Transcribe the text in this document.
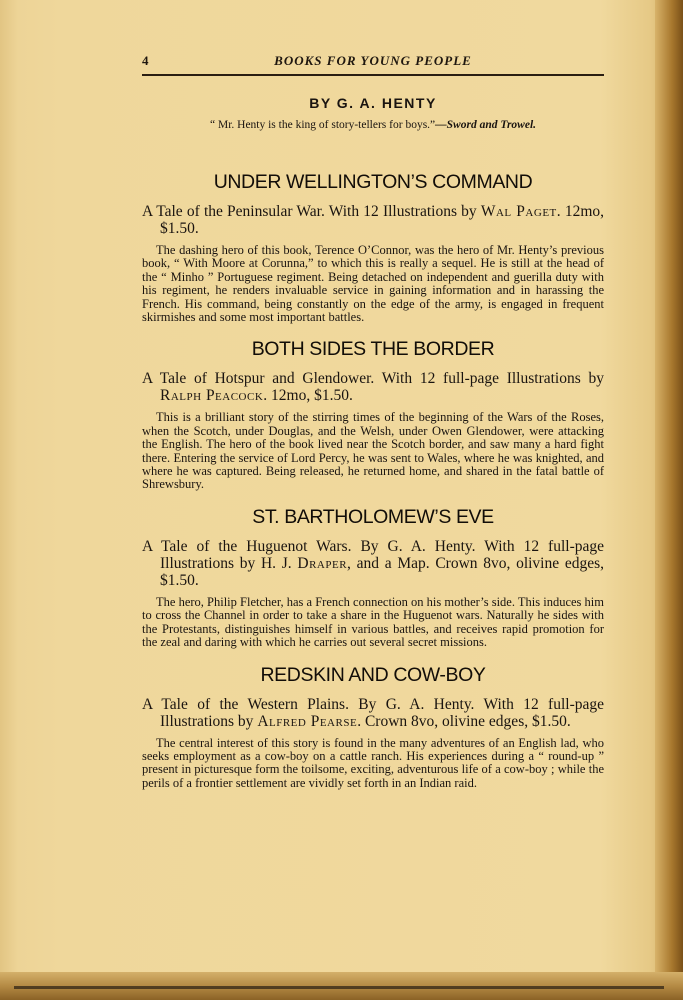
4	BOOKS FOR YOUNG PEOPLE
BY G. A. HENTY
“ Mr. Henty is the king of story-tellers for boys.”—Sword and Trowel.
UNDER WELLINGTON’S COMMAND
A Tale of the Peninsular War. With 12 Illustrations by Wal Paget. 12mo, $1.50.
The dashing hero of this book, Terence O’Connor, was the hero of Mr. Henty’s previous book, “ With Moore at Corunna,” to which this is really a sequel. He is still at the head of the “ Minho ” Portuguese regiment. Being detached on independent and guerilla duty with his regiment, he renders invaluable service in gaining information and in harassing the French. His command, being constantly on the edge of the army, is engaged in frequent skirmishes and some most important battles.
BOTH SIDES THE BORDER
A Tale of Hotspur and Glendower. With 12 full-page Illustrations by Ralph Peacock. 12mo, $1.50.
This is a brilliant story of the stirring times of the beginning of the Wars of the Roses, when the Scotch, under Douglas, and the Welsh, under Owen Glendower, were attacking the English. The hero of the book lived near the Scotch border, and saw many a hard fight there. Entering the service of Lord Percy, he was sent to Wales, where he was knighted, and where he was captured. Being released, he returned home, and shared in the fatal battle of Shrewsbury.
ST. BARTHOLOMEW’S EVE
A Tale of the Huguenot Wars. By G. A. Henty. With 12 full-page Illustrations by H. J. Draper, and a Map. Crown 8vo, olivine edges, $1.50.
The hero, Philip Fletcher, has a French connection on his mother’s side. This induces him to cross the Channel in order to take a share in the Huguenot wars. Naturally he sides with the Protestants, distinguishes himself in various battles, and receives rapid promotion for the zeal and daring with which he carries out several secret missions.
REDSKIN AND COW-BOY
A Tale of the Western Plains. By G. A. Henty. With 12 full-page Illustrations by Alfred Pearse. Crown 8vo, olivine edges, $1.50.
The central interest of this story is found in the many adventures of an English lad, who seeks employment as a cow-boy on a cattle ranch. His experiences during a “ round-up ” present in picturesque form the toilsome, exciting, adventurous life of a cow-boy ; while the perils of a frontier settlement are vividly set forth in an Indian raid.
